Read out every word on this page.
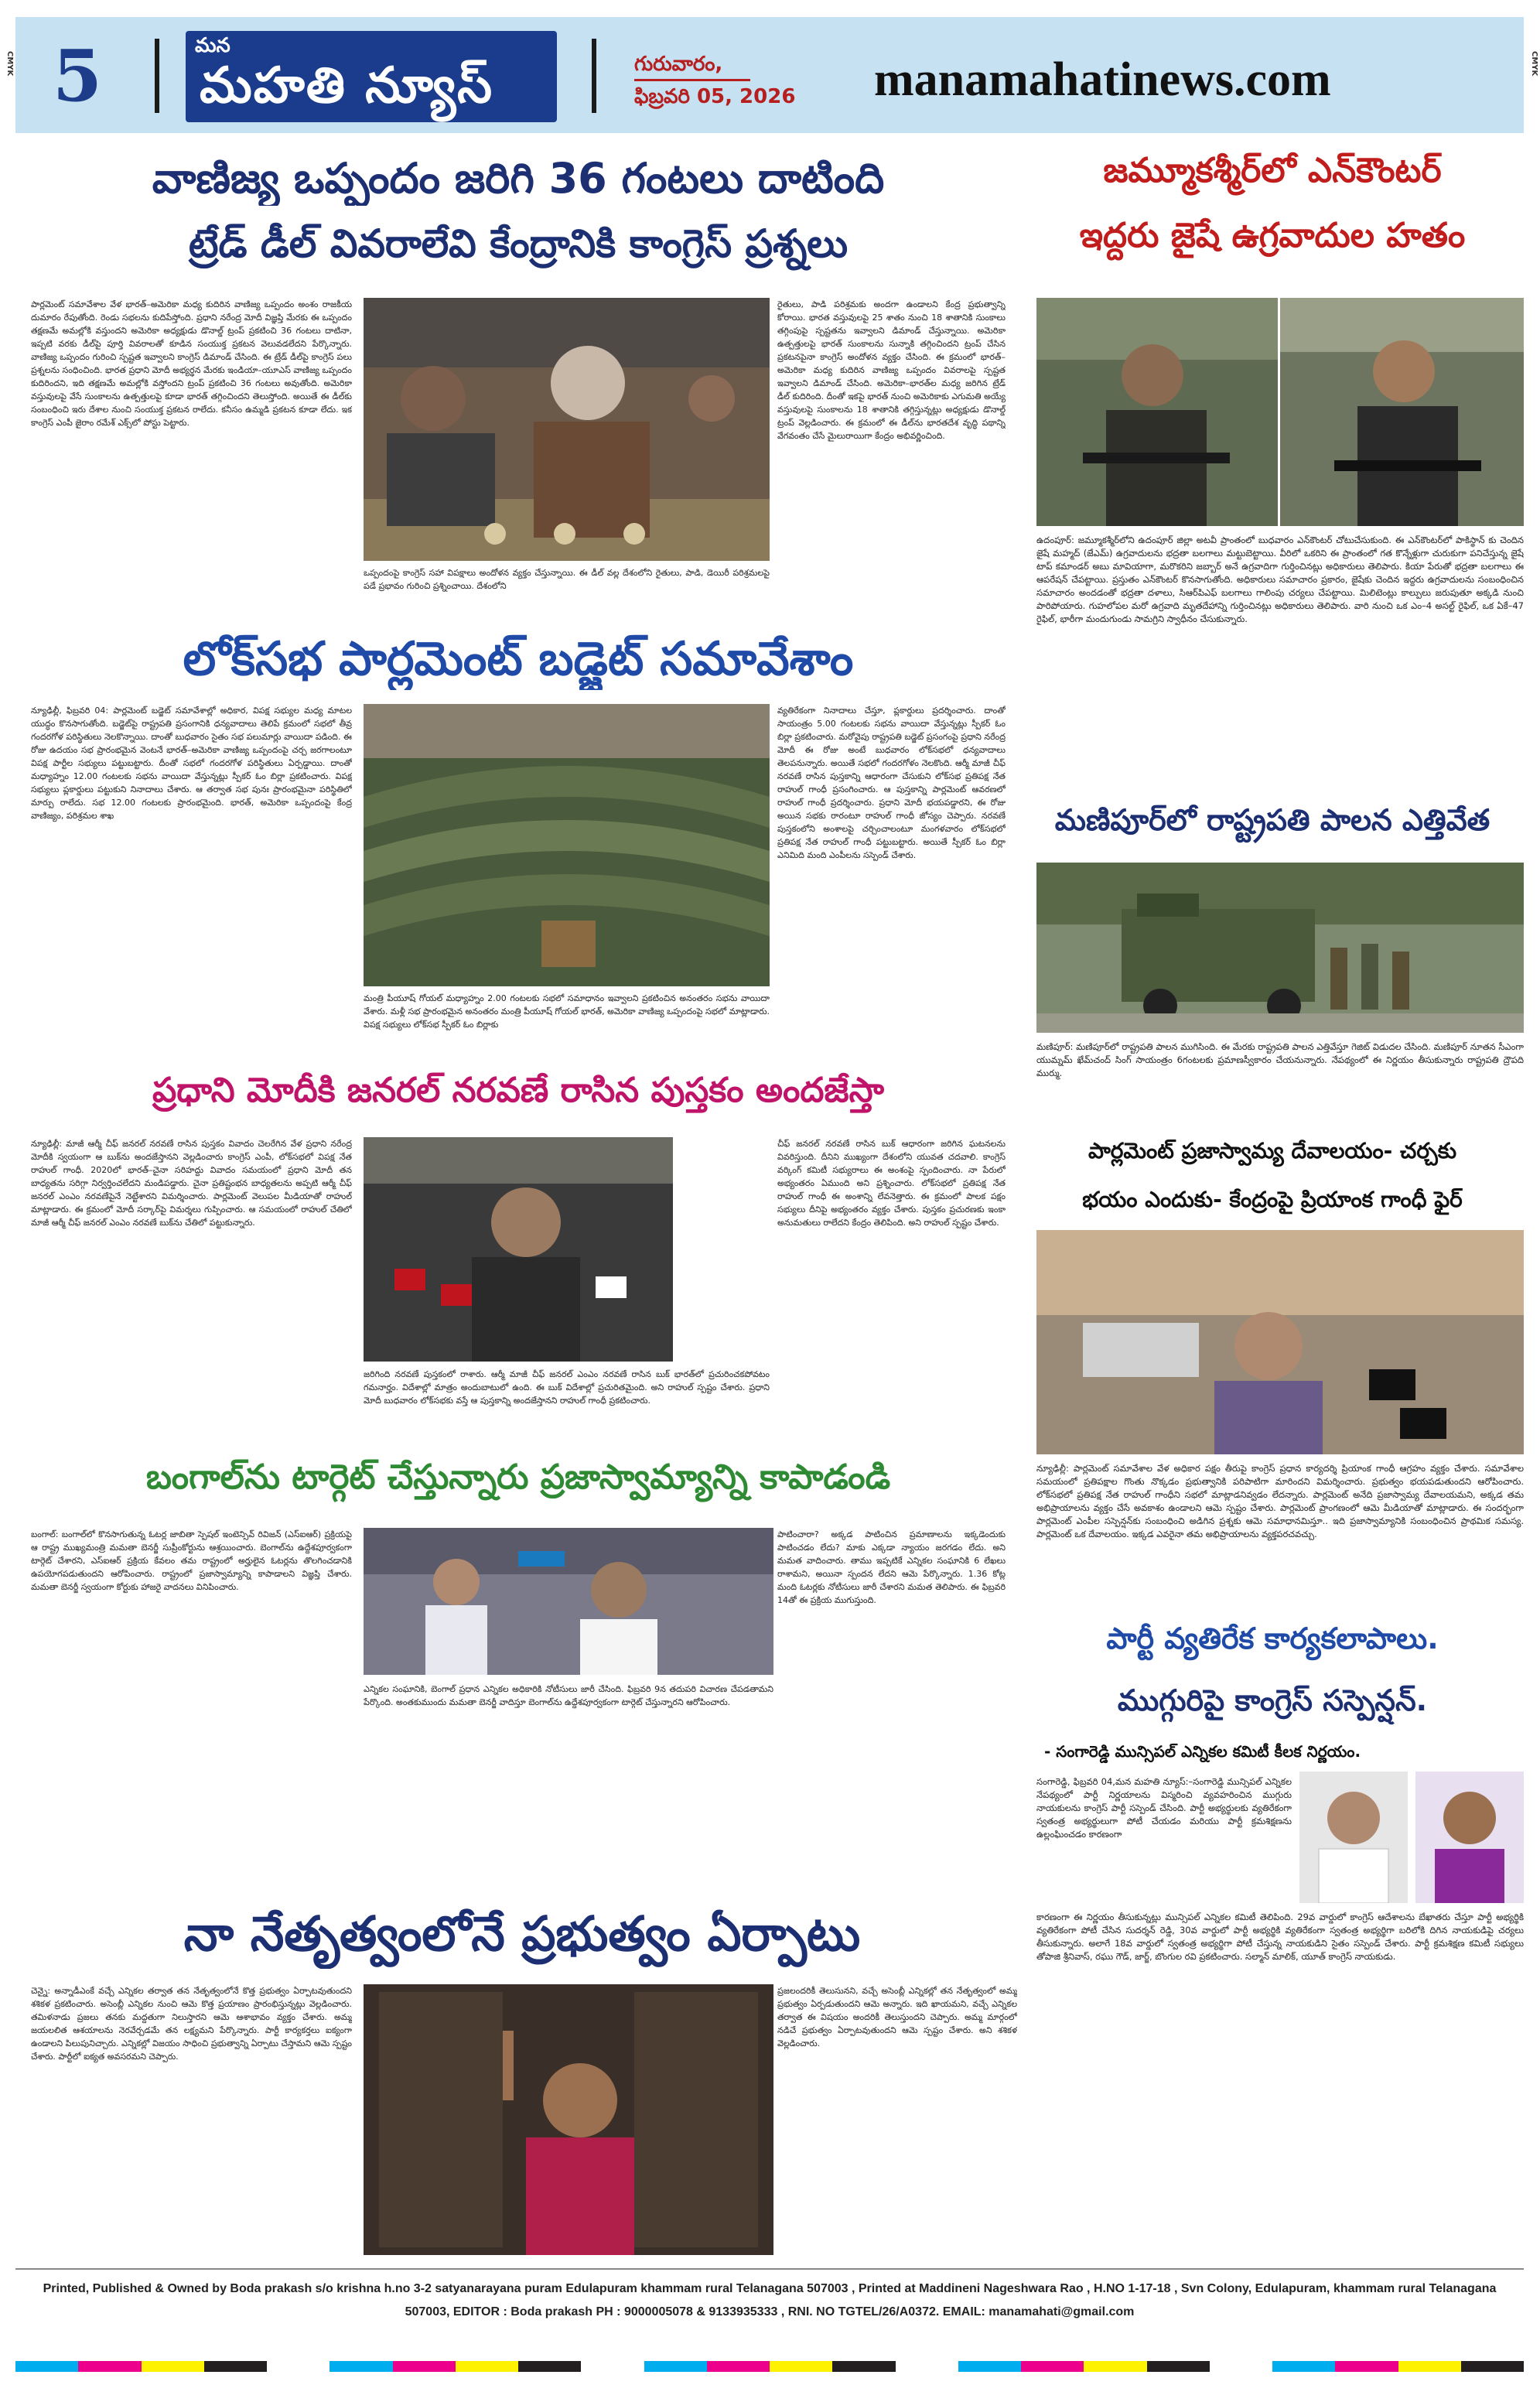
5	మన
మహతి న్యూస్	గురువారం,
ఫిబ్రవరి 05, 2026 manamahatinews.com
CMYK	CMYK
వాణిజ్య ఒప్పందం జరిగి 36 గంటలు దాటింది
ట్రేడ్ డీల్ వివరాలేవి కేంద్రానికి కాంగ్రెస్ ప్రశ్నలు
పార్లమెంట్ సమావేశాల వేళ భారత్–అమెరికా మధ్య కుదిరిన వాణిజ్య ఒప్పందం అంశం రాజకీయ దుమారం రేపుతోంది. రెండు సభలను కుదిపేస్తోంది. ప్రధాని నరేంద్ర మోదీ విజ్ఞప్తి మేరకు ఈ ఒప్పందం తక్షణమే అమల్లోకి వస్తుందని అమెరికా అధ్యక్షుడు డొనాల్డ్ ట్రంప్ ప్రకటించి 36 గంటలు దాటినా, ఇప్పటి వరకు డీల్‌పై పూర్తి వివరాలతో కూడిన సంయుక్త ప్రకటన వెలువడలేదని పేర్కొన్నారు. వాణిజ్య ఒప్పందం గురించి స్పష్టత ఇవ్వాలని కాంగ్రెస్ డిమాండ్ చేసింది. ఈ ట్రేడ్ డీల్‌పై కాంగ్రెస్ పలు ప్రశ్నలను సంధించింది. భారత ప్రధాని మోదీ అభ్యర్థన మేరకు ఇండియా–యూఎస్ వాణిజ్య ఒప్పందం కుదిరిందని, ఇది తక్షణమే అమల్లోకి వస్తోందని ట్రంప్ ప్రకటించి 36 గంటలు అవుతోంది. అమెరికా వస్తువులపై వేసే సుంకాలను ఉత్పత్తులపై కూడా భారత్ తగ్గించిందని తెలుస్తోంది. అయితే ఈ డీల్‌కు సంబంధించి ఇరు దేశాల నుంచి సంయుక్త ప్రకటన రాలేదు. కనీసం ఉమ్మడి ప్రకటన కూడా లేదు. ఇక కాంగ్రెస్ ఎంపీ జైరాం రమేశ్ ఎక్స్‌లో పోస్టు పెట్టారు.
ఒప్పందంపై కాంగ్రెస్ సహా విపక్షాలు అందోళన వ్యక్తం చేస్తున్నాయి. ఈ డీల్ వల్ల దేశంలోని రైతులు, పాడి, డెయిరీ పరిశ్రమలపై పడే ప్రభావం గురించి ప్రశ్నించాయి. దేశంలోని
రైతులు, పాడి పరిశ్రమకు అందగా ఉండాలని కేంద్ర ప్రభుత్వాన్ని కోరాయి. భారత వస్తువులపై 25 శాతం నుంచి 18 శాతానికి సుంకాలు తగ్గింపుపై స్పష్టతను ఇవ్వాలని డిమాండ్ చేస్తున్నాయి. అమెరికా ఉత్పత్తులపై భారత్ సుంకాలను సున్నాకి తగ్గించిందని ట్రంప్ చేసిన ప్రకటనపైనా కాంగ్రెస్ అందోళన వ్యక్తం చేసింది. ఈ క్రమంలో భారత్–అమెరికా మధ్య కుదిరిన వాణిజ్య ఒప్పందం వివరాలపై స్పష్టత ఇవ్వాలని డిమాండ్ చేసింది. అమెరికా–భారత్‌ల మధ్య జరిగిన ట్రేడ్ డీల్ కుదిరింది. దీంతో ఇకపై భారత్ నుంచి అమెరికాకు ఎగుమతి అయ్యే వస్తువులపై సుంకాలను 18 శాతానికి తగ్గిస్తున్నట్లు అధ్యక్షుడు డొనాల్డ్ ట్రంప్ వెల్లడించారు. ఈ క్రమంలో ఈ డీల్‌ను భారతదేశ వృద్ధి పథాన్ని వేగవంతం చేసే మైలురాయిగా కేంద్రం అభివర్ణించింది.
జమ్మూకశ్మీర్‌లో ఎన్‌కౌంటర్
ఇద్దరు జైషే ఉగ్రవాదుల హతం
ఉదంపూర్: జమ్మూకశ్మీర్‌లోని ఉదంపూర్ జిల్లా అటవీ ప్రాంతంలో బుధవారం ఎన్‌కౌంటర్ చోటుచేసుకుంది. ఈ ఎన్‌కౌంటర్‌లో పాకిస్థాన్ కు చెందిన జైషే మహ్మద్ (జేఎమ్) ఉగ్రవాదులను భద్రతా బలగాలు మట్టుబెట్టాయి. వీరిలో ఒకరిని ఈ ప్రాంతంలో గత కొన్నేళ్లుగా చురుకుగా పనిచేస్తున్న జైషే టాప్ కమాండర్ అబు మావియాగా, మరొకరిని జబ్బార్ అనే ఉగ్రవాదిగా గుర్తించినట్లు అధికారులు తెలిపారు. కియా పేరుతో భద్రతా బలగాలు ఈ ఆపరేషన్ చేపట్టాయి. ప్రస్తుతం ఎన్‌కౌంటర్ కొనసాగుతోంది. అధికారులు సమాచారం ప్రకారం, జైషేకు చెందిన ఇద్దరు ఉగ్రవాదులను సంబంధించిన సమాచారం అందడంతో భద్రతా దళాలు, సిఆర్‌పిఎఫ్ బలగాలు గాలింపు చర్యలు చేపట్టాయి. మిలిటెంట్లు కాల్పులు జరుపుతూ అక్కడి నుంచి పారిపోయారు. గుహలోపల మరో ఉగ్రవాది మృతదేహాన్ని గుర్తించినట్లు అధికారులు తెలిపారు. వారి నుంచి ఒక ఎం–4 అసల్ట్ రైఫిల్, ఒక ఏకే–47 రైఫిల్, భారీగా మందుగుండు సామగ్రిని స్వాధీనం చేసుకున్నారు.
లోక్‌సభ పార్లమెంట్ బడ్జెట్ సమావేశాం
న్యూఢిల్లీ, ఫిబ్రవరి 04: పార్లమెంట్ బడ్జెట్ సమావేశాల్లో అధికార, విపక్ష సభ్యుల మధ్య మాటల యుద్ధం కొనసాగుతోంది. బడ్జెట్‌పై రాష్ట్రపతి ప్రసంగానికి ధన్యవాదాలు తెలిపే క్రమంలో సభలో తీవ్ర గందరగోళ పరిస్థితులు నెలకొన్నాయి. దాంతో బుధవారం సైతం సభ పలుమార్లు వాయిదా పడింది. ఈ రోజు ఉదయం సభ ప్రారంభమైన వెంటనే భారత్–అమెరికా వాణిజ్య ఒప్పందంపై చర్చ జరగాలంటూ విపక్ష పార్టీల సభ్యులు పట్టుబట్టారు. దీంతో సభలో గందరగోళ పరిస్థితులు ఏర్పడ్డాయి. దాంతో మధ్యాహ్నం 12.00 గంటలకు సభను వాయిదా వేస్తున్నట్లు స్పీకర్ ఓం బిర్లా ప్రకటించారు. విపక్ష సభ్యులు ప్లకార్డులు పట్టుకుని నినాదాలు చేశారు. ఆ తర్వాత సభ పునః ప్రారంభమైనా పరిస్థితిలో మార్పు రాలేదు. సభ 12.00 గంటలకు ప్రారంభమైంది. భారత్, అమెరికా ఒప్పందంపై కేంద్ర వాణిజ్యం, పరిశ్రమల శాఖ
మంత్రి పీయూష్ గోయల్ మధ్యాహ్నం 2.00 గంటలకు సభలో సమాధానం ఇవ్వాలని ప్రకటించిన అనంతరం సభను వాయిదా వేశారు. మళ్లీ సభ ప్రారంభమైన అనంతరం మంత్రి పీయూష్ గోయల్ భారత్, అమెరికా వాణిజ్య ఒప్పందంపై సభలో మాట్లాడారు. విపక్ష సభ్యులు లోక్‌సభ స్పీకర్ ఓం బిర్లాకు
వ్యతిరేకంగా నినాదాలు చేస్తూ, ప్లకార్డులు ప్రదర్శించారు. దాంతో సాయంత్రం 5.00 గంటలకు సభను వాయిదా వేస్తున్నట్లు స్పీకర్ ఓం బిర్లా ప్రకటించారు. మరోవైపు రాష్ట్రపతి బడ్జెట్ ప్రసంగంపై ప్రధాని నరేంద్ర మోదీ ఈ రోజు అంటే బుధవారం లోక్‌సభలో ధన్యవాదాలు తెలపనున్నారు. అయితే సభలో గందరగోళం నెలకొంది. ఆర్మీ మాజీ చీఫ్ నరవణే రాసిన పుస్తకాన్ని ఆధారంగా చేసుకుని లోక్‌సభ ప్రతిపక్ష నేత రాహుల్ గాంధీ ప్రసంగించారు. ఆ పుస్తకాన్ని పార్లమెంట్ ఆవరణలో రాహుల్ గాంధీ ప్రదర్శించారు. ప్రధాని మోదీ భయపడ్డారని, ఈ రోజు అయిన సభకు రారంటూ రాహుల్ గాంధీ జోస్యం చెప్పారు. నరవణే పుస్తకంలోని అంశాలపై చర్చించాలంటూ మంగళవారం లోక్‌సభలో ప్రతిపక్ష నేత రాహుల్ గాంధీ పట్టుబట్టారు. అయితే స్పీకర్ ఓం బిర్లా ఎనిమిది మంది ఎంపీలను సస్పెండ్ చేశారు.
మణిపూర్‌లో రాష్ట్రపతి పాలన ఎత్తివేత
మణిపూర్: మణిపూర్‌లో రాష్ట్రపతి పాలన ముగిసింది. ఈ మేరకు రాష్ట్రపతి పాలన ఎత్తివేస్తూ గెజిట్ విడుదల చేసింది. మణిపూర్ నూతన సీఎంగా యుమ్నమ్ ఖేమ్‌చంద్ సింగ్ సాయంత్రం 6గంటలకు ప్రమాణస్వీకారం చేయనున్నారు. నేపథ్యంలో ఈ నిర్ణయం తీసుకున్నారు రాష్ట్రపతి ద్రౌపది ముర్ము.
ప్రధాని మోదీకి జనరల్ నరవణే రాసిన పుస్తకం అందజేస్తా
న్యూఢిల్లీ: మాజీ ఆర్మీ చీఫ్ జనరల్ నరవణే రాసిన పుస్తకం వివాదం చెలరేగిన వేళ ప్రధాని నరేంద్ర మోదీకి స్వయంగా ఆ బుక్‌ను అందజేస్తానని వెల్లడించారు కాంగ్రెస్ ఎంపీ, లోక్‌సభలో విపక్ష నేత రాహుల్ గాంధీ. 2020లో భారత్–చైనా సరిహద్దు వివాదం సమయంలో ప్రధాని మోదీ తన బాధ్యతను సరిగ్గా నిర్వర్తించలేదని మండిపడ్డారు. చైనా ప్రతిష్టంభన బాధ్యతలను అప్పటి ఆర్మీ చీఫ్ జనరల్ ఎంఎం నరవణేపైనే నెట్టేశారని విమర్శించారు. పార్లమెంట్ వెలుపల మీడియాతో రాహుల్ మాట్లాడారు. ఈ క్రమంలో మోదీ సర్కార్‌పై విమర్శలు గుప్పించారు. ఆ సమయంలో రాహుల్ చేతిలో మాజీ ఆర్మీ చీఫ్ జనరల్ ఎంఎం నరవణే బుక్‌ను చేతిలో పట్టుకున్నారు.
జరిగింది నరవణే పుస్తకంలో రాశారు. ఆర్మీ మాజీ చీఫ్ జనరల్ ఎంఎం నరవణే రాసిన బుక్ భారత్‌లో ప్రచురించకపోవటం గమనార్హం. విదేశాల్లో మాత్రం అందుబాటులో ఉంది. ఈ బుక్ విదేశాల్లో ప్రచురితమైంది. అని రాహుల్ స్పష్టం చేశారు. ప్రధాని మోదీ బుధవారం లోక్‌సభకు వస్తే ఆ పుస్తకాన్ని అందజేస్తానని రాహుల్ గాంధీ ప్రకటించారు.
చీఫ్ జనరల్ నరవణే రాసిన బుక్ ఆధారంగా జరిగిన ఘటనలను వివరిస్తుంది. దీనిని ముఖ్యంగా దేశంలోని యువత చదవాలి. కాంగ్రెస్ వర్కింగ్ కమిటీ సభ్యురాలు ఈ అంశంపై స్పందించారు. నా పేరులో అభ్యంతరం ఏముంది అని ప్రశ్నించారు. లోక్‌సభలో ప్రతిపక్ష నేత రాహుల్ గాంధీ ఈ అంశాన్ని లేవనెత్తారు. ఈ క్రమంలో పాలక పక్షం సభ్యులు దీనిపై అభ్యంతరం వ్యక్తం చేశారు. పుస్తకం ప్రచురణకు ఇంకా అనుమతులు రాలేదని కేంద్రం తెలిపింది. అని రాహుల్ స్పష్టం చేశారు.
పార్లమెంట్ ప్రజాస్వామ్య దేవాలయం- చర్చకు
భయం ఎందుకు- కేంద్రంపై ప్రియాంక గాంధీ ఫైర్
న్యూఢిల్లీ: పార్లమెంట్ సమావేశాల వేళ అధికార పక్షం తీరుపై కాంగ్రెస్ ప్రధాన కార్యదర్శి ప్రియాంక గాంధీ ఆగ్రహం వ్యక్తం చేశారు. సమావేశాల సమయంలో ప్రతిపక్షాల గొంతు నొక్కడం ప్రభుత్వానికి పరిపాటిగా మారిందని విమర్శించారు. ప్రభుత్వం భయపడుతుందని ఆరోపించారు. లోక్‌సభలో ప్రతిపక్ష నేత రాహుల్ గాంధీని సభలో మాట్లాడనివ్వడం లేదన్నారు. పార్లమెంట్ అనేది ప్రజాస్వామ్య దేవాలయమని, అక్కడ తమ అభిప్రాయాలను వ్యక్తం చేసే అవకాశం ఉండాలని ఆమె స్పష్టం చేశారు. పార్లమెంట్ ప్రాంగణంలో ఆమె మీడియాతో మాట్లాడారు. ఈ సందర్భంగా పార్లమెంట్ ఎంపీల సస్పెన్షన్‌కు సంబంధించి అడిగిన ప్రశ్నకు ఆమె సమాధానమిస్తూ.. ఇది ప్రజాస్వామ్యానికి సంబంధించిన ప్రాథమిక సమస్య. పార్లమెంట్ ఒక దేవాలయం. ఇక్కడ ఎవరైనా తమ అభిప్రాయాలను వ్యక్తపరచవచ్చు.
బంగాల్‌ను టార్గెట్ చేస్తున్నారు ప్రజాస్వామ్యాన్ని కాపాడండి
బంగాల్: బంగాల్‌లో కొనసాగుతున్న ఓటర్ల జాబితా స్పెషల్ ఇంటెన్సివ్ రివిజన్ (ఎస్ఐఆర్) ప్రక్రియపై ఆ రాష్ట్ర ముఖ్యమంత్రి మమతా బెనర్జీ సుప్రీంకోర్టును ఆశ్రయించారు. బెంగాల్‌ను ఉద్దేశపూర్వకంగా టార్గెట్ చేశారని, ఎస్ఐఆర్ ప్రక్రియ కేవలం తమ రాష్ట్రంలో అర్హులైన ఓటర్లను తొలగించడానికి ఉపయోగపడుతుందని ఆరోపించారు. రాష్ట్రంలో ప్రజాస్వామ్యాన్ని కాపాడాలని విజ్ఞప్తి చేశారు. మమతా బెనర్జీ స్వయంగా కోర్టుకు హాజరై వాదనలు వినిపించారు.
ఎన్నికల సంఘానికి, బెంగాల్ ప్రధాన ఎన్నికల అధికారికి నోటీసులు జారీ చేసింది. ఫిబ్రవరి 9న తదుపరి విచారణ చేపడతామని పేర్కొంది. అంతకుముందు మమతా బెనర్జీ వాదిస్తూ బెంగాల్‌ను ఉద్దేశపూర్వకంగా టార్గెట్ చేస్తున్నారని ఆరోపించారు.
పాటించారా? అక్కడ పాటించిన ప్రమాణాలను ఇక్కడెందుకు పాటించడం లేదు? మాకు ఎక్కడా న్యాయం జరగడం లేదు. అని మమత వాదించారు. తాము ఇప్పటికే ఎన్నికల సంఘానికి 6 లేఖలు రాశామని, అయినా స్పందన లేదని ఆమె పేర్కొన్నారు. 1.36 కోట్ల మంది ఓటర్లకు నోటీసులు జారీ చేశారని మమత తెలిపారు. ఈ ఫిబ్రవరి 14తో ఈ ప్రక్రియ ముగుస్తుంది.
పార్టీ వ్యతిరేక కార్యకలాపాలు.
ముగ్గురిపై కాంగ్రెస్ సస్పెన్షన్.
- సంగారెడ్డి మున్సిపల్ ఎన్నికల కమిటీ కీలక నిర్ణయం.
సంగారెడ్డి, ఫిబ్రవరి 04,మన మహతి న్యూస్:–సంగారెడ్డి మున్సిపల్ ఎన్నికల నేపథ్యంలో పార్టీ నిర్ణయాలను విస్మరించి వ్యవహరించిన ముగ్గురు నాయకులను కాంగ్రెస్ పార్టీ సస్పెండ్ చేసింది. పార్టీ అభ్యర్థులకు వ్యతిరేకంగా స్వతంత్ర అభ్యర్థులుగా పోటీ చేయడం మరియు పార్టీ క్రమశిక్షణను ఉల్లంఘించడం కారణంగా
కారణంగా ఈ నిర్ణయం తీసుకున్నట్లు మున్సిపల్ ఎన్నికల కమిటీ తెలిపింది. 29వ వార్డులో కాంగ్రెస్ ఆదేశాలను బేఖాతరు చేస్తూ పార్టీ అభ్యర్థికి వ్యతిరేకంగా పోటీ చేసిన సుదర్శన్ రెడ్డి, 30వ వార్డులో పార్టీ అభ్యర్థికి వ్యతిరేకంగా స్వతంత్ర అభ్యర్థిగా బరిలోకి దిగిన నాయకుడిపై చర్యలు తీసుకున్నారు. అలాగే 18వ వార్డులో స్వతంత్ర అభ్యర్థిగా పోటీ చేస్తున్న నాయకుడిని సైతం సస్పెండ్ చేశారు. పార్టీ క్రమశిక్షణ కమిటీ సభ్యులు తోపాజి శ్రీనివాస్, రఘు గౌడ్, జార్జ్, బొంగుల రవి ప్రకటించారు. సల్మాన్ మాలిక్, యూత్ కాంగ్రెస్ నాయకుడు.
నా నేతృత్వంలోనే ప్రభుత్వం ఏర్పాటు
చెన్నై: అన్నాడీఎంకే వచ్చే ఎన్నికల తర్వాత తన నేతృత్వంలోనే కొత్త ప్రభుత్వం ఏర్పాటవుతుందని శశికళ ప్రకటించారు. అసెంబ్లీ ఎన్నికల నుంచి ఆమె కొత్త ప్రయాణం ప్రారంభిస్తున్నట్లు వెల్లడించారు. తమిళనాడు ప్రజలు తనకు మద్దతుగా నిలుస్తారని ఆమె ఆశాభావం వ్యక్తం చేశారు. అమ్మ జయలలిత ఆశయాలను నెరవేర్చడమే తన లక్ష్యమని పేర్కొన్నారు. పార్టీ కార్యకర్తలు ఐక్యంగా ఉండాలని పిలుపునిచ్చారు. ఎన్నికల్లో విజయం సాధించి ప్రభుత్వాన్ని ఏర్పాటు చేస్తామని ఆమె స్పష్టం చేశారు. పార్టీలో ఐక్యత అవసరమని చెప్పారు.
ప్రజలందరికీ తెలుసునని, వచ్చే అసెంబ్లీ ఎన్నికల్లో తన నేతృత్వంలో అమ్మ ప్రభుత్వం ఏర్పడుతుందని ఆమె అన్నారు. ఇది ఖాయమని, వచ్చే ఎన్నికల తర్వాత ఈ విషయం అందరికీ తెలుస్తుందని చెప్పారు. అమ్మ మార్గంలో నడిచే ప్రభుత్వం ఏర్పాటవుతుందని ఆమె స్పష్టం చేశారు. అని శశికళ వెల్లడించారు.
Printed, Published & Owned by Boda prakash s/o krishna h.no 3-2 satyanarayana puram Edulapuram khammam rural Telanagana 507003 , Printed at Maddineni Nageshwara Rao , H.NO 1-17-18 , Svn Colony, Edulapuram, khammam rural Telanagana 507003, EDITOR : Boda prakash PH : 9000005078 & 9133935333 , RNI. NO TGTEL/26/A0372. EMAIL: manamahati@gmail.com
